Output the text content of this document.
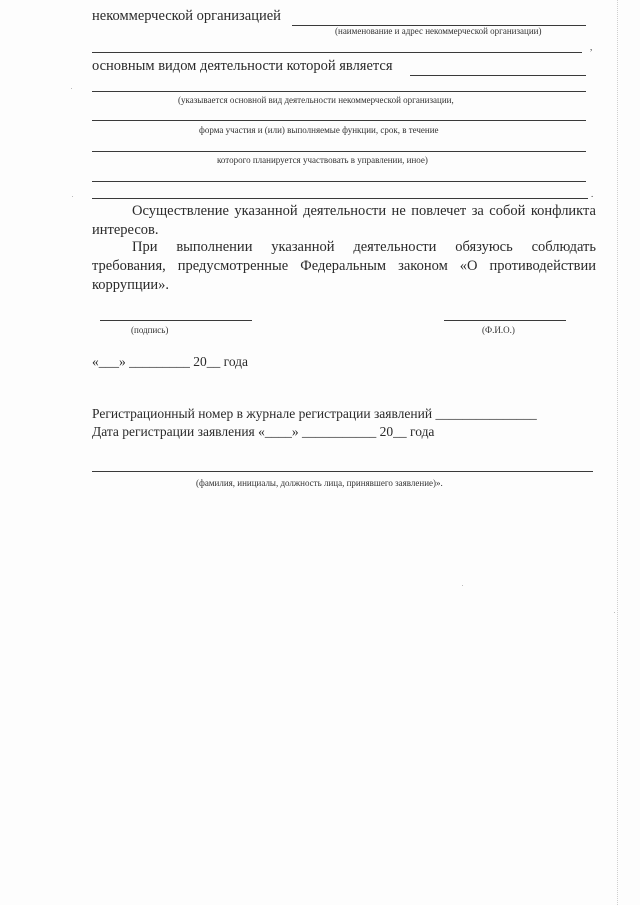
некоммерческой организацией
(наименование и адрес некоммерческой организации)
,
основным видом деятельности которой является
(указывается основной вид деятельности некоммерческой организации,
форма участия и (или) выполняемые функции, срок, в течение
которого планируется участвовать в управлении, иное)
.
Осуществление указанной деятельности не повлечет за собой конфликта интересов.
При выполнении указанной деятельности обязуюсь соблюдать требования, предусмотренные Федеральным законом «О противодействии коррупции».
(подпись)	(Ф.И.О.)
«___» _________ 20__ года
Регистрационный номер в журнале регистрации заявлений _______________
Дата регистрации заявления «____» ___________ 20__ года
(фамилия, инициалы, должность лица, принявшего заявление)».
